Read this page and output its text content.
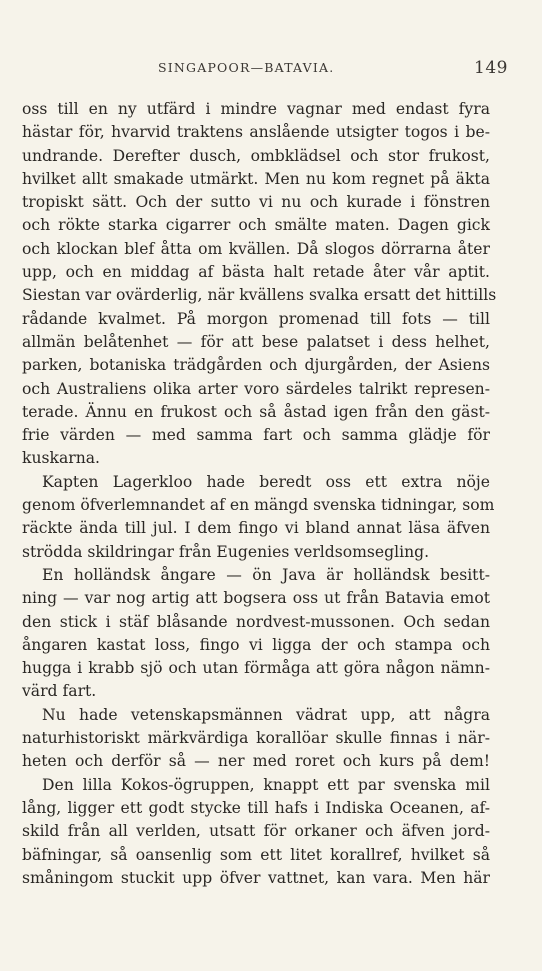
SINGAPOOR—BATAVIA.	149
oss till en ny utfärd i mindre vagnar med endast fyra
hästar för, hvarvid traktens anslående utsigter togos i be-
undrande. Derefter dusch, ombklädsel och stor frukost,
hvilket allt smakade utmärkt. Men nu kom regnet på äkta
tropiskt sätt. Och der sutto vi nu och kurade i fönstren
och rökte starka cigarrer och smälte maten. Dagen gick
och klockan blef åtta om kvällen. Då slogos dörrarna åter
upp, och en middag af bästa halt retade åter vår aptit.
Siestan var ovärderlig, när kvällens svalka ersatt det hittills
rådande kvalmet. På morgon promenad till fots — till
allmän belåtenhet — för att bese palatset i dess helhet,
parken, botaniska trädgården och djurgården, der Asiens
och Australiens olika arter voro särdeles talrikt represen-
terade. Ännu en frukost och så åstad igen från den gäst-
frie värden — med samma fart och samma glädje för
kuskarna.
Kapten Lagerkloo hade beredt oss ett extra nöje
genom öfverlemnandet af en mängd svenska tidningar, som
räckte ända till jul. I dem fingo vi bland annat läsa äfven
strödda skildringar från Eugenies verldsomsegling.
En holländsk ångare — ön Java är holländsk besitt-
ning — var nog artig att bogsera oss ut från Batavia emot
den stick i stäf blåsande nordvest-mussonen. Och sedan
ångaren kastat loss, fingo vi ligga der och stampa och
hugga i krabb sjö och utan förmåga att göra någon nämn-
värd fart.
Nu hade vetenskapsmännen vädrat upp, att några
naturhistoriskt märkvärdiga korallöar skulle finnas i när-
heten och derför så — ner med roret och kurs på dem!
Den lilla Kokos-ögruppen, knappt ett par svenska mil
lång, ligger ett godt stycke till hafs i Indiska Oceanen, af-
skild från all verlden, utsatt för orkaner och äfven jord-
bäfningar, så oansenlig som ett litet korallref, hvilket så
småningom stuckit upp öfver vattnet, kan vara. Men här
